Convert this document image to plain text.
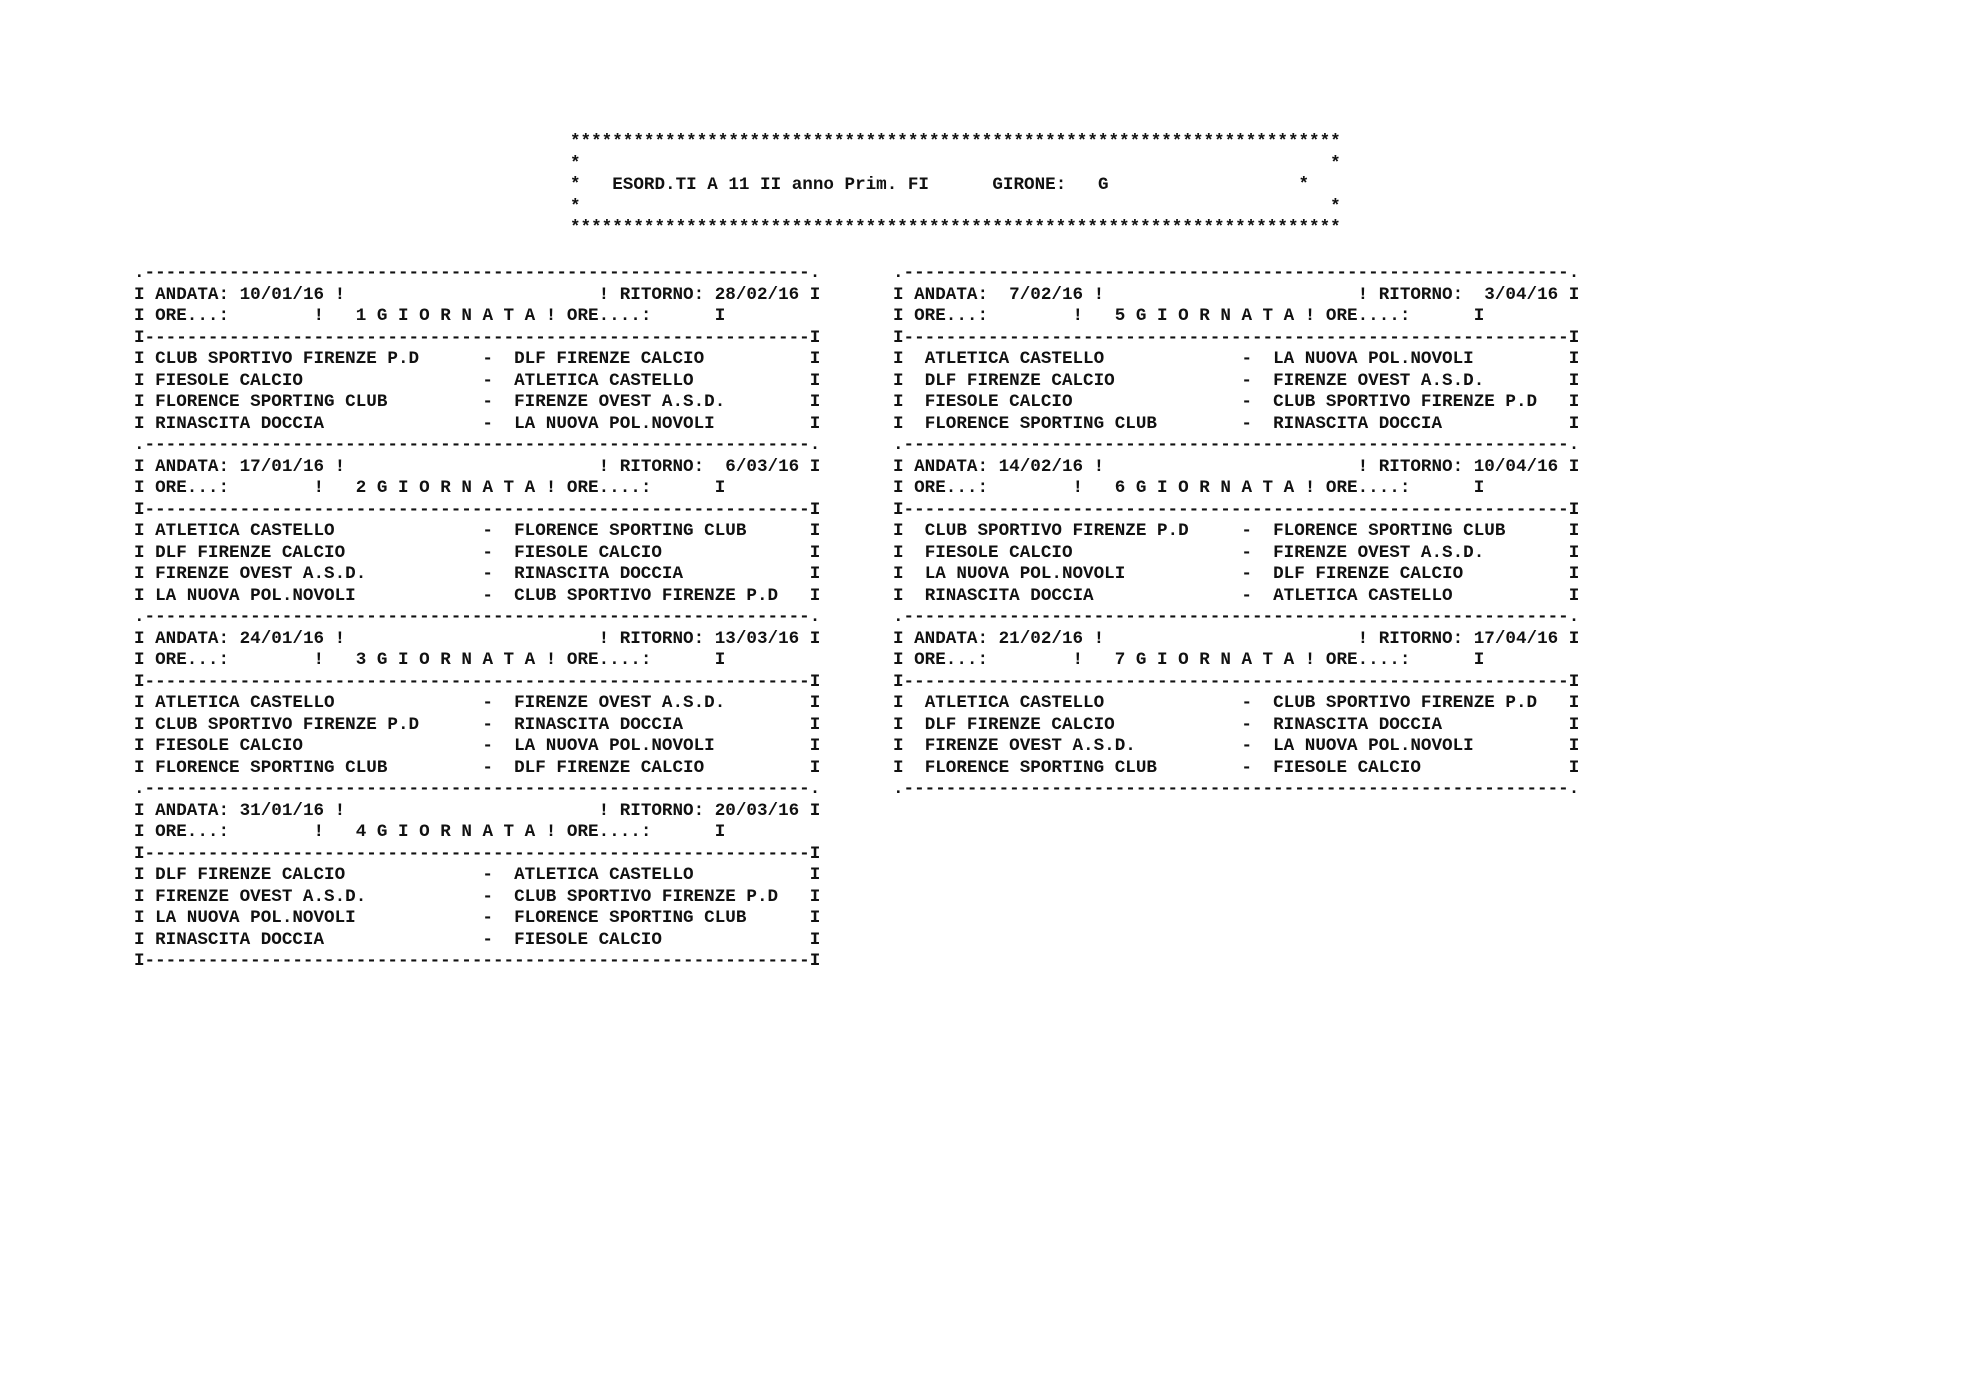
*************************************************************************
*                                                                       *
*   ESORD.TI A 11 II anno Prim. FI	GIRONE: G                  *
*                                                                       *
*************************************************************************
.---------------------------------------------------------------.
I ANDATA: 10/01/16 !                        ! RITORNO: 28/02/16 I
I ORE...:        !   1 G I O R N A T A ! ORE....:      I
I---------------------------------------------------------------I
I CLUB SPORTIVO FIRENZE P.D      -  DLF FIRENZE CALCIO          I
I FIESOLE CALCIO                 -  ATLETICA CASTELLO           I
I FLORENCE SPORTING CLUB         -  FIRENZE OVEST A.S.D.        I
I RINASCITA DOCCIA               -  LA NUOVA POL.NOVOLI         I
.---------------------------------------------------------------.
I ANDATA: 17/01/16 !                        ! RITORNO: 6/03/16 I
I ORE...:        !   2 G I O R N A T A ! ORE....:      I
I---------------------------------------------------------------I
I ATLETICA CASTELLO              -  FLORENCE SPORTING CLUB      I
I DLF FIRENZE CALCIO             -  FIESOLE CALCIO              I
I FIRENZE OVEST A.S.D.           -  RINASCITA DOCCIA            I
I LA NUOVA POL.NOVOLI            -  CLUB SPORTIVO FIRENZE P.D   I
.---------------------------------------------------------------.
I ANDATA: 24/01/16 !                        ! RITORNO: 13/03/16 I
I ORE...:        !   3 G I O R N A T A ! ORE....:      I
I---------------------------------------------------------------I
I ATLETICA CASTELLO              -  FIRENZE OVEST A.S.D.        I
I CLUB SPORTIVO FIRENZE P.D      -  RINASCITA DOCCIA            I
I FIESOLE CALCIO                 -  LA NUOVA POL.NOVOLI         I
I FLORENCE SPORTING CLUB         -  DLF FIRENZE CALCIO          I
.---------------------------------------------------------------.
I ANDATA: 31/01/16 !                        ! RITORNO: 20/03/16 I
I ORE...:        !   4 G I O R N A T A ! ORE....:      I
I---------------------------------------------------------------I
I DLF FIRENZE CALCIO             -  ATLETICA CASTELLO           I
I FIRENZE OVEST A.S.D.           -  CLUB SPORTIVO FIRENZE P.D   I
I LA NUOVA POL.NOVOLI            -  FLORENCE SPORTING CLUB      I
I RINASCITA DOCCIA               -  FIESOLE CALCIO              I
I---------------------------------------------------------------I
.---------------------------------------------------------------.
I ANDATA: 7/02/16 !                        ! RITORNO: 3/04/16 I
I ORE...:        !   5 G I O R N A T A ! ORE....:      I
I---------------------------------------------------------------I
I  ATLETICA CASTELLO             -  LA NUOVA POL.NOVOLI         I
I  DLF FIRENZE CALCIO            -  FIRENZE OVEST A.S.D.        I
I  FIESOLE CALCIO                -  CLUB SPORTIVO FIRENZE P.D   I
I  FLORENCE SPORTING CLUB        -  RINASCITA DOCCIA            I
.---------------------------------------------------------------.
I ANDATA: 14/02/16 !                        ! RITORNO: 10/04/16 I
I ORE...:        !   6 G I O R N A T A ! ORE....:      I
I---------------------------------------------------------------I
I  CLUB SPORTIVO FIRENZE P.D     -  FLORENCE SPORTING CLUB      I
I  FIESOLE CALCIO                -  FIRENZE OVEST A.S.D.        I
I  LA NUOVA POL.NOVOLI           -  DLF FIRENZE CALCIO          I
I  RINASCITA DOCCIA              -  ATLETICA CASTELLO           I
.---------------------------------------------------------------.
I ANDATA: 21/02/16 !                        ! RITORNO: 17/04/16 I
I ORE...:        !   7 G I O R N A T A ! ORE....:      I
I---------------------------------------------------------------I
I  ATLETICA CASTELLO             -  CLUB SPORTIVO FIRENZE P.D   I
I  DLF FIRENZE CALCIO            -  RINASCITA DOCCIA            I
I  FIRENZE OVEST A.S.D.          -  LA NUOVA POL.NOVOLI         I
I  FLORENCE SPORTING CLUB        -  FIESOLE CALCIO              I
.---------------------------------------------------------------.
